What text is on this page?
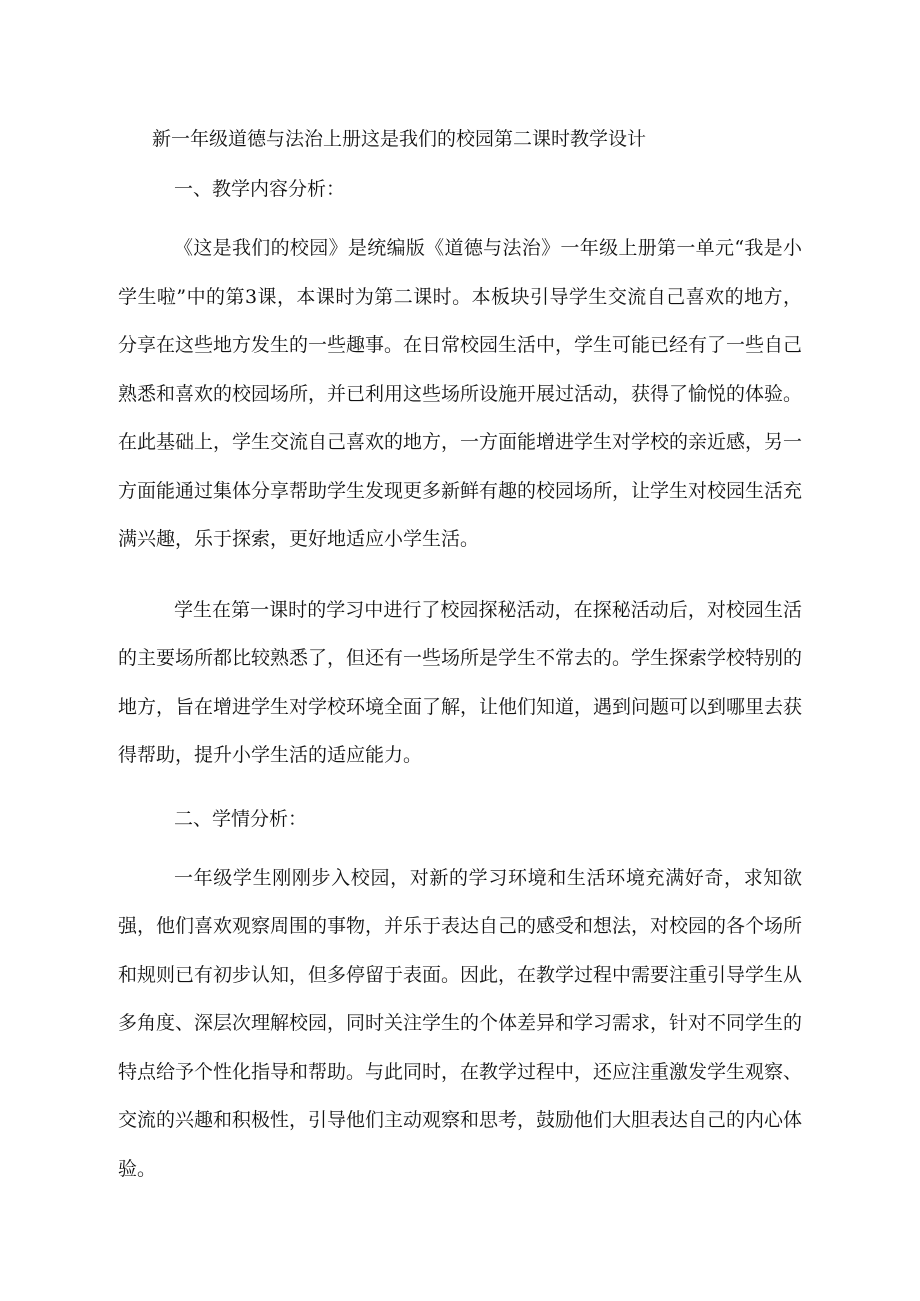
新一年级道德与法治上册这是我们的校园第二课时教学设计
一、教学内容分析：

《这是我们的校园》是统编版《道德与法治》一年级上册第一单元“我是小学生啦”中的第3课，本课时为第二课时。本板块引导学生交流自己喜欢的地方，分享在这些地方发生的一些趣事。在日常校园生活中，学生可能已经有了一些自己熟悉和喜欢的校园场所，并已利用这些场所设施开展过活动，获得了愉悦的体验。在此基础上，学生交流自己喜欢的地方，一方面能增进学生对学校的亲近感，另一方面能通过集体分享帮助学生发现更多新鲜有趣的校园场所，让学生对校园生活充满兴趣，乐于探索，更好地适应小学生活。

学生在第一课时的学习中进行了校园探秘活动，在探秘活动后，对校园生活的主要场所都比较熟悉了，但还有一些场所是学生不常去的。学生探索学校特别的地方，旨在增进学生对学校环境全面了解，让他们知道，遇到问题可以到哪里去获得帮助，提升小学生活的适应能力。

二、学情分析：

一年级学生刚刚步入校园，对新的学习环境和生活环境充满好奇，求知欲强，他们喜欢观察周围的事物，并乐于表达自己的感受和想法，对校园的各个场所和规则已有初步认知，但多停留于表面。因此，在教学过程中需要注重引导学生从多角度、深层次理解校园，同时关注学生的个体差异和学习需求，针对不同学生的特点给予个性化指导和帮助。与此同时，在教学过程中，还应注重激发学生观察、交流的兴趣和积极性，引导他们主动观察和思考，鼓励他们大胆表达自己的内心体验。
